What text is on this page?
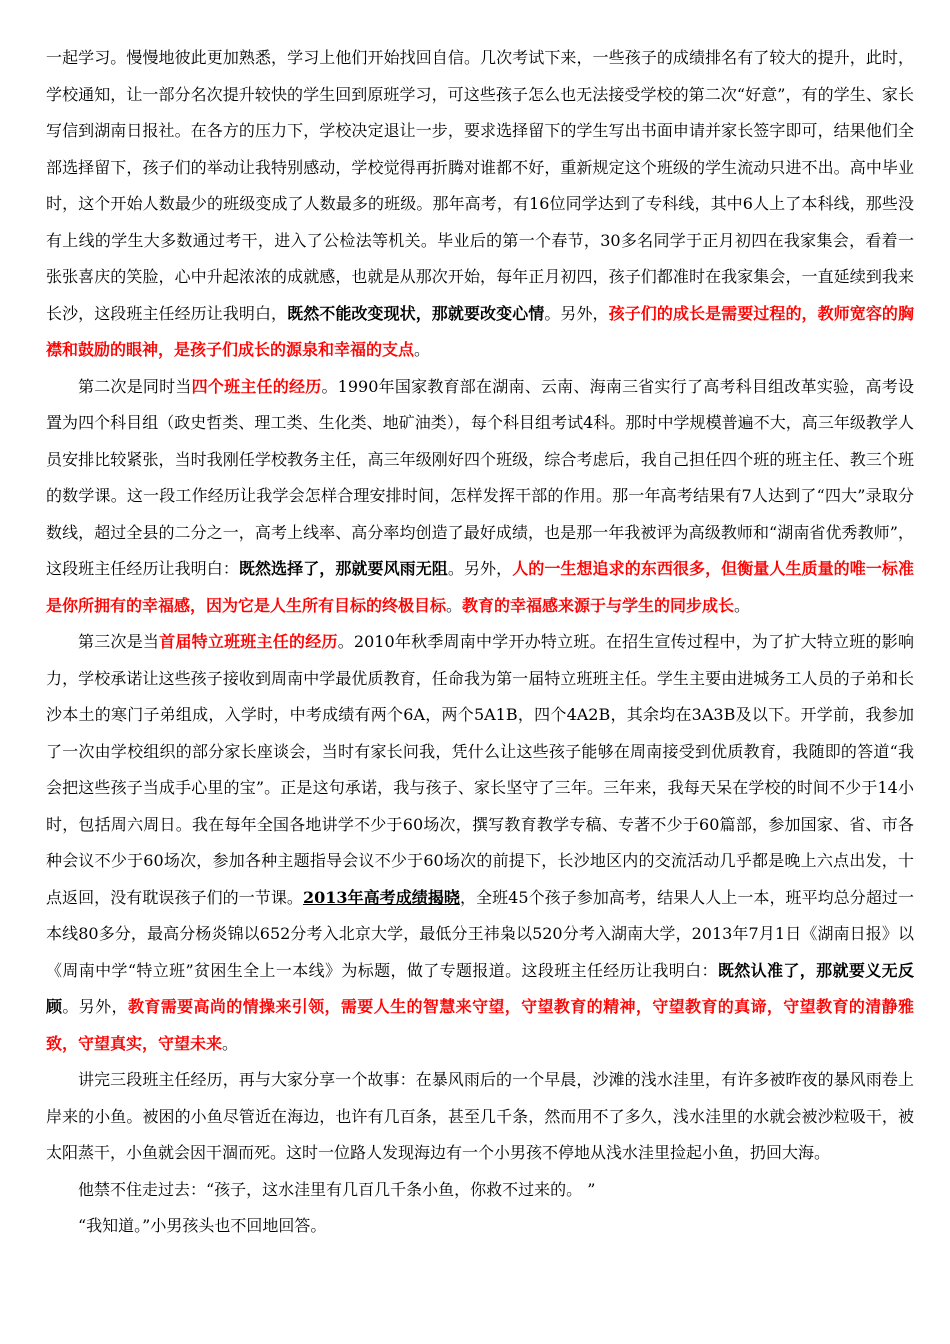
一起学习。慢慢地彼此更加熟悉，学习上他们开始找回自信。几次考试下来，一些孩子的成绩排名有了较大的提升，此时，学校通知，让一部分名次提升较快的学生回到原班学习，可这些孩子怎么也无法接受学校的第二次“好意”，有的学生、家长写信到湖南日报社。在各方的压力下，学校决定退让一步，要求选择留下的学生写出书面申请并家长签字即可，结果他们全部选择留下，孩子们的举动让我特别感动，学校觉得再折腾对谁都不好，重新规定这个班级的学生流动只进不出。高中毕业时，这个开始人数最少的班级变成了人数最多的班级。那年高考，有16位同学达到了专科线，其中6人上了本科线，那些没有上线的学生大多数通过考干，进入了公检法等机关。毕业后的第一个春节，30多名同学于正月初四在我家集会，看着一张张喜庆的笑脸，心中升起浓浓的成就感，也就是从那次开始，每年正月初四，孩子们都准时在我家集会，一直延续到我来长沙，这段班主任经历让我明白，既然不能改变现状，那就要改变心情。另外，孩子们的成长是需要过程的，教师宽容的胸襟和鼓励的眼神，是孩子们成长的源泉和幸福的支点。

第二次是同时当四个班主任的经历。1990年国家教育部在湖南、云南、海南三省实行了高考科目组改革实验，高考设置为四个科目组（政史哲类、理工类、生化类、地矿油类），每个科目组考试4科。那时中学规模普遍不大，高三年级教学人员安排比较紧张，当时我刚任学校教务主任，高三年级刚好四个班级，综合考虑后，我自己担任四个班的班主任、教三个班的数学课。这一段工作经历让我学会怎样合理安排时间，怎样发挥干部的作用。那一年高考结果有7人达到了“四大”录取分数线，超过全县的二分之一，高考上线率、高分率均创造了最好成绩，也是那一年我被评为高级教师和“湖南省优秀教师”，这段班主任经历让我明白：既然选择了，那就要风雨无阻。另外，人的一生想追求的东西很多，但衡量人生质量的唯一标准是你所拥有的幸福感，因为它是人生所有目标的终极目标。教育的幸福感来源于与学生的同步成长。

第三次是当首届特立班班主任的经历。2010年秋季周南中学开办特立班。在招生宣传过程中，为了扩大特立班的影响力，学校承诺让这些孩子接收到周南中学最优质教育，任命我为第一届特立班班主任。学生主要由进城务工人员的子弟和长沙本土的寒门子弟组成，入学时，中考成绩有两个6A，两个5A1B，四个4A2B，其余均在3A3B及以下。开学前，我参加了一次由学校组织的部分家长座谈会，当时有家长问我，凭什么让这些孩子能够在周南接受到优质教育，我随即的答道“我会把这些孩子当成手心里的宝”。正是这句承诺，我与孩子、家长坚守了三年。三年来，我每天呆在学校的时间不少于14小时，包括周六周日。我在每年全国各地讲学不少于60场次，撰写教育教学专稿、专著不少于60篇部，参加国家、省、市各种会议不少于60场次，参加各种主题指导会议不少于60场次的前提下，长沙地区内的交流活动几乎都是晚上六点出发，十点返回，没有耽误孩子们的一节课。2013年高考成绩揭晓，全班45个孩子参加高考，结果人人上一本，班平均总分超过一本线80多分，最高分杨炎锦以652分考入北京大学，最低分王祎枭以520分考入湖南大学，2013年7月1日《湖南日报》以《周南中学“特立班”贫困生全上一本线》为标题，做了专题报道。这段班主任经历让我明白：既然认准了，那就要义无反顾。另外，教育需要高尚的情操来引领，需要人生的智慧来守望，守望教育的精神，守望教育的真谛，守望教育的清静雅致，守望真实，守望未来。

讲完三段班主任经历，再与大家分享一个故事：在暴风雨后的一个早晨，沙滩的浅水洼里，有许多被昨夜的暴风雨卷上岸来的小鱼。被困的小鱼尽管近在海边，也许有几百条，甚至几千条，然而用不了多久，浅水洼里的水就会被沙粒吸干，被太阳蒸干，小鱼就会因干涸而死。这时一位路人发现海边有一个小男孩不停地从浅水洼里捡起小鱼，扔回大海。

他禁不住走过去：“孩子，这水洼里有几百几千条小鱼，你救不过来的。 ”

“我知道。”小男孩头也不回地回答。
